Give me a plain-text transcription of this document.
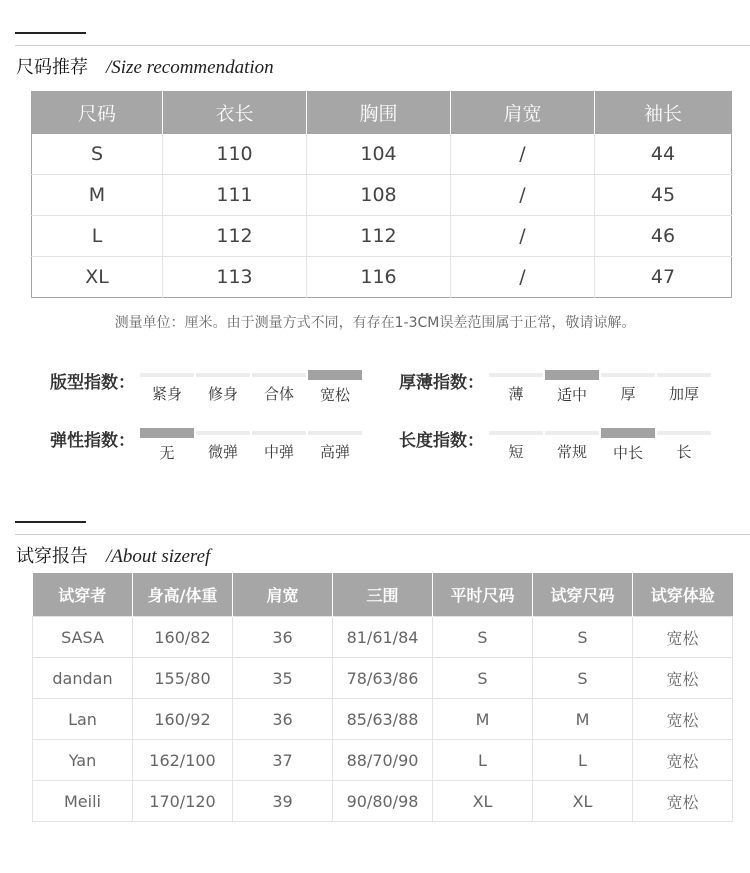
尺码推荐 /Size recommendation
尺码	衣长	胸围	肩宽	袖长
S	110	104	/	44
M	111	108	/	45
L	112	112	/	46
XL	113	116	/	47
测量单位：厘米。由于测量方式不同，有存在1-3CM误差范围属于正常，敬请谅解。
版型指数：
紧身	修身	合体	宽松
厚薄指数：
薄	适中	厚	加厚
弹性指数：
无	微弹	中弹	高弹
长度指数：
短	常规	中长	长
试穿报告 /About sizeref
试穿者	身高/体重	肩宽	三围	平时尺码	试穿尺码	试穿体验
SASA	160/82	36	81/61/84	S	S	宽松
dandan	155/80	35	78/63/86	S	S	宽松
Lan	160/92	36	85/63/88	M	M	宽松
Yan	162/100	37	88/70/90	L	L	宽松
Meili	170/120	39	90/80/98	XL	XL	宽松
